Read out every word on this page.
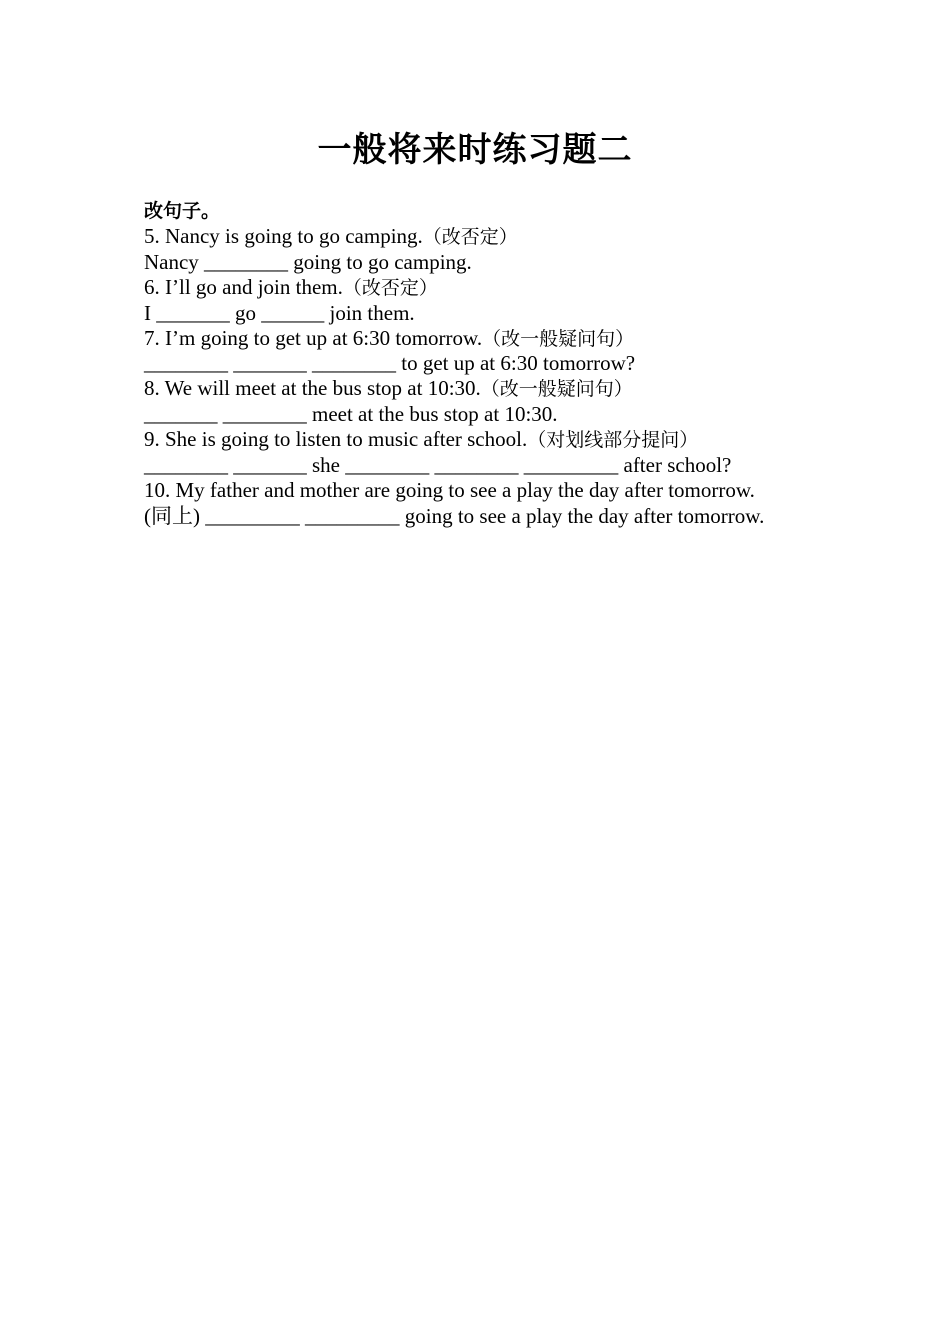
一般将来时练习题二
改句子。
5. Nancy is going to go camping.（改否定）
Nancy ________ going to go camping.
6. I’ll go and join them.（改否定）
I _______ go ______ join them.
7. I’m going to get up at 6:30 tomorrow.（改一般疑问句）
________ _______ ________ to get up at 6:30 tomorrow?
8. We will meet at the bus stop at 10:30.（改一般疑问句）
_______ ________ meet at the bus stop at 10:30.
9. She is going to listen to music after school.（对划线部分提问）
________ _______ she ________ ________ _________ after school?
10. My father and mother are going to see a play the day after tomorrow.
(同上) _________ _________ going to see a play the day after tomorrow.
